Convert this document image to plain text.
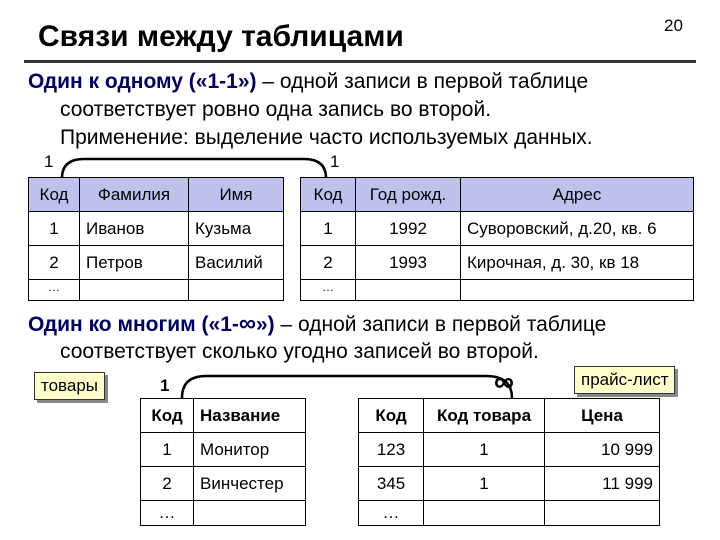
Связи между таблицами	20
Один к одному («1-1») – одной записи в первой таблице
соответствует ровно одна запись во второй.
Применение: выделение часто используемых данных.
1	1
Код	Фамилия	Имя
1	Иванов	Кузьма
2	Петров	Василий
…		
Код	Год рожд.	Адрес
1	1992	Суворовский, д.20, кв. 6
2	1993	Кирочная, д. 30, кв 18
…		
Один ко многим («1-∞») – одной записи в первой таблице
соответствует сколько угодно записей во второй.
товары	прайс-лист
1	∞
Код	Название
1	Монитор
2	Винчестер
…	
Код	Код товара	Цена
123	1	10 999
345	1	11 999
…		
